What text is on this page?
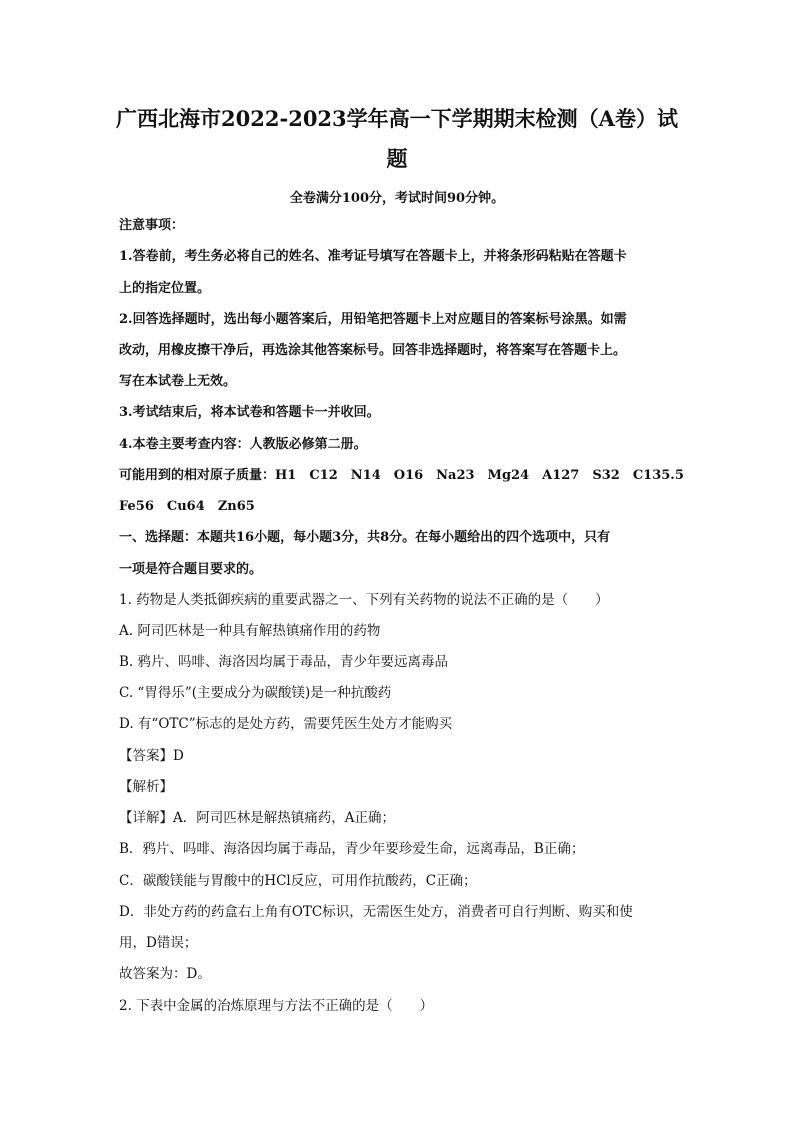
广西北海市2022-2023学年高一下学期期末检测（A卷）试
题
全卷满分100分，考试时间90分钟。
注意事项：
1.答卷前，考生务必将自己的姓名、准考证号填写在答题卡上，并将条形码粘贴在答题卡
上的指定位置。
2.回答选择题时，选出每小题答案后，用铅笔把答题卡上对应题目的答案标号涂黑。如需
改动，用橡皮擦干净后，再选涂其他答案标号。回答非选择题时，将答案写在答题卡上。
写在本试卷上无效。
3.考试结束后，将本试卷和答题卡一并收回。
4.本卷主要考查内容：人教版必修第二册。
可能用到的相对原子质量：H1　C12　N14　O16　Na23　Mg24　A127　S32　C135.5
Fe56　Cu64　Zn65
一、选择题：本题共16小题，每小题3分，共8分。在每小题给出的四个选项中，只有
一项是符合题目要求的。
1. 药物是人类抵御疾病的重要武器之一、下列有关药物的说法不正确的是（　　）
A. 阿司匹林是一种具有解热镇痛作用的药物
B. 鸦片、吗啡、海洛因均属于毒品，青少年要远离毒品
C. “胃得乐”(主要成分为碳酸镁)是一种抗酸药
D. 有“OTC”标志的是处方药，需要凭医生处方才能购买
【答案】D
【解析】
【详解】A．阿司匹林是解热镇痛药，A正确；
B．鸦片、吗啡、海洛因均属于毒品，青少年要珍爱生命，远离毒品，B正确；
C．碳酸镁能与胃酸中的HCl反应，可用作抗酸药，C正确；
D．非处方药的药盒右上角有OTC标识，无需医生处方，消费者可自行判断、购买和使
用，D错误；
故答案为：D。
2. 下表中金属的冶炼原理与方法不正确的是（　　）
